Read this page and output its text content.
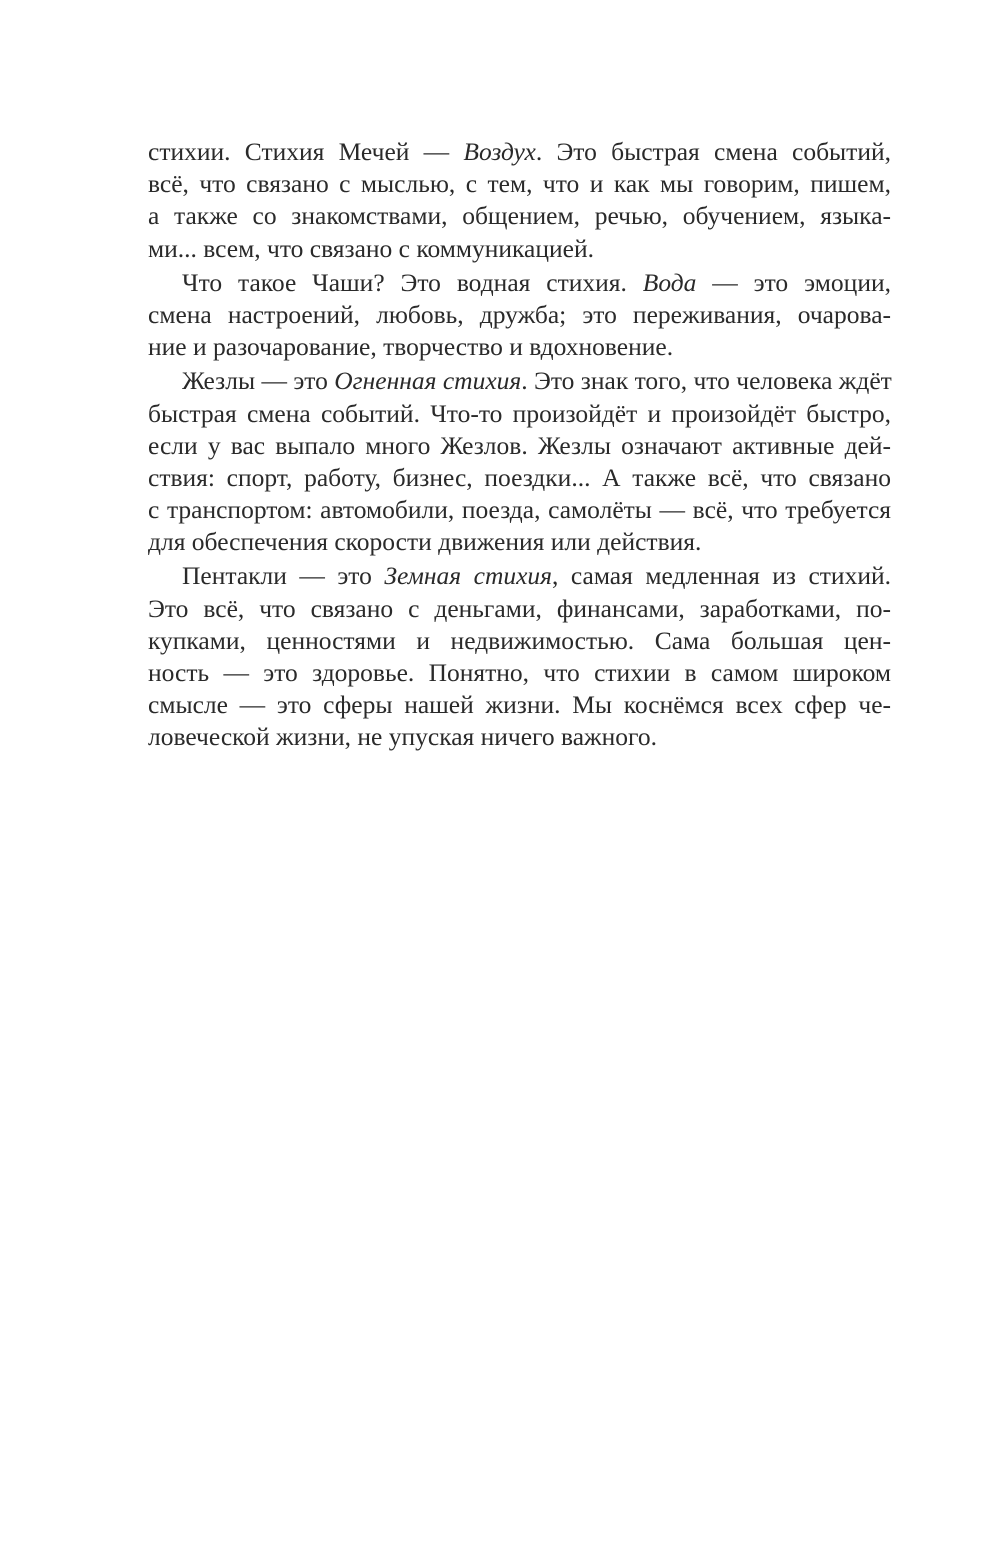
стихии. Стихия Мечей — Воздух. Это быстрая смена событий,
всё, что связано с мыслью, с тем, что и как мы говорим, пишем,
а также со знакомствами, общением, речью, обучением, языка-
ми... всем, что связано с коммуникацией.
Что такое Чаши? Это водная стихия. Вода — это эмоции,
смена настроений, любовь, дружба; это переживания, очарова-
ние и разочарование, творчество и вдохновение.
Жезлы — это Огненная стихия. Это знак того, что человека ждёт
быстрая смена событий. Что-то произойдёт и произойдёт быстро,
если у вас выпало много Жезлов. Жезлы означают активные дей-
ствия: спорт, работу, бизнес, поездки... А также всё, что связано
с транспортом: автомобили, поезда, самолёты — всё, что требуется
для обеспечения скорости движения или действия.
Пентакли — это Земная стихия, самая медленная из стихий.
Это всё, что связано с деньгами, финансами, заработками, по-
купками, ценностями и недвижимостью. Сама большая цен-
ность — это здоровье. Понятно, что стихии в самом широком
смысле — это сферы нашей жизни. Мы коснёмся всех сфер че-
ловеческой жизни, не упуская ничего важного.
